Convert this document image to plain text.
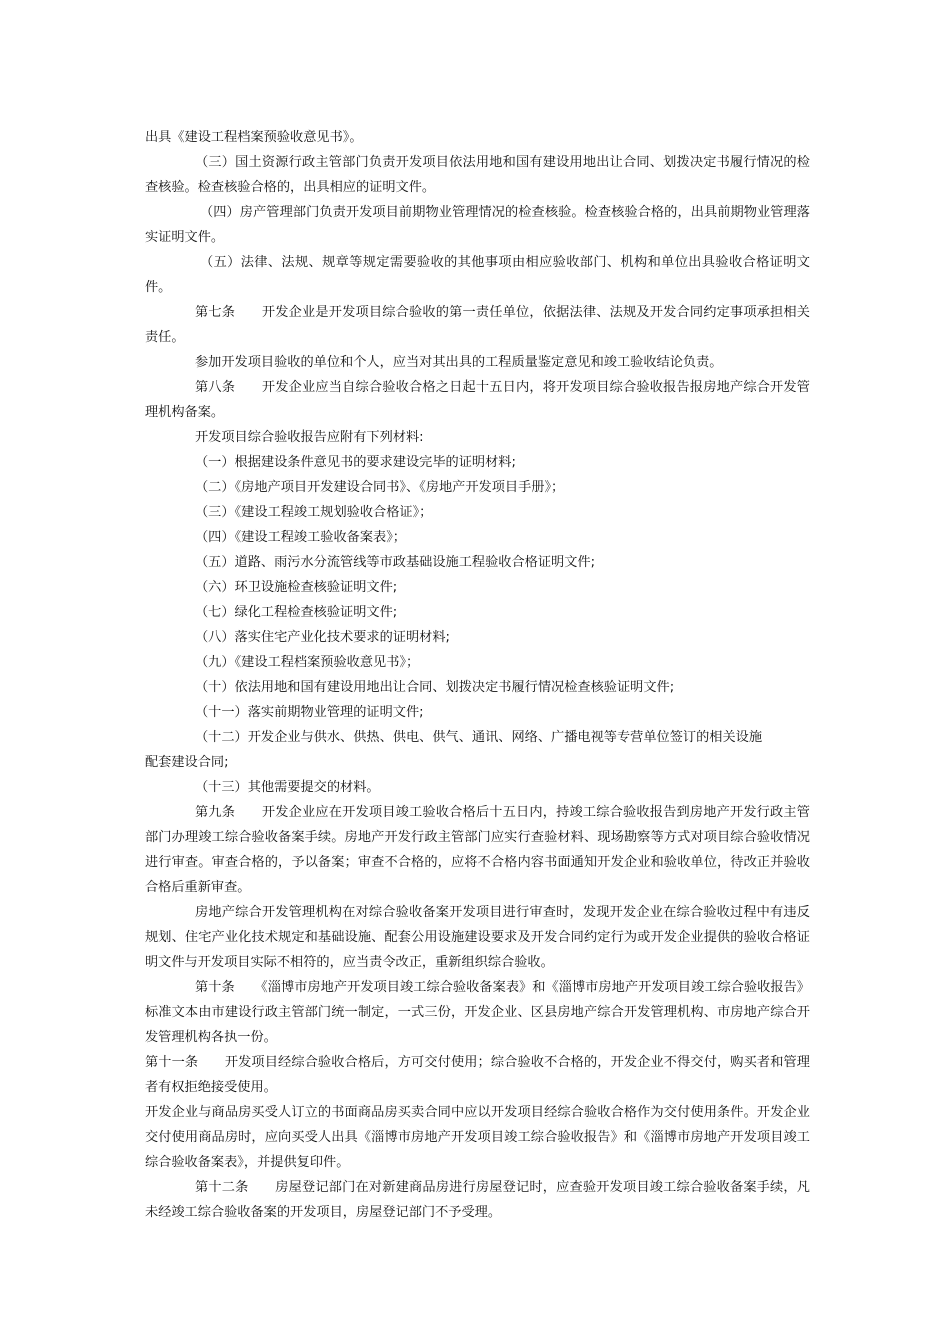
出具《建设工程档案预验收意见书》。

（三）国土资源行政主管部门负责开发项目依法用地和国有建设用地出让合同、划拨决定书履行情况的检查核验。检查核验合格的，出具相应的证明文件。

（四）房产管理部门负责开发项目前期物业管理情况的检查核验。检查核验合格的，出具前期物业管理落实证明文件。

（五）法律、法规、规章等规定需要验收的其他事项由相应验收部门、机构和单位出具验收合格证明文件。

第七条　　开发企业是开发项目综合验收的第一责任单位，依据法律、法规及开发合同约定事项承担相关责任。

参加开发项目验收的单位和个人，应当对其出具的工程质量鉴定意见和竣工验收结论负责。

第八条　　开发企业应当自综合验收合格之日起十五日内，将开发项目综合验收报告报房地产综合开发管理机构备案。

开发项目综合验收报告应附有下列材料:

（一）根据建设条件意见书的要求建设完毕的证明材料;

（二）《房地产项目开发建设合同书》、《房地产开发项目手册》；

（三）《建设工程竣工规划验收合格证》；

（四）《建设工程竣工验收备案表》；

（五）道路、雨污水分流管线等市政基础设施工程验收合格证明文件;

（六）环卫设施检查核验证明文件;

（七）绿化工程检查核验证明文件;

（八）落实住宅产业化技术要求的证明材料;

（九）《建设工程档案预验收意见书》；

（十）依法用地和国有建设用地出让合同、划拨决定书履行情况检查核验证明文件;

（十一）落实前期物业管理的证明文件;

（十二）开发企业与供水、供热、供电、供气、通讯、网络、广播电视等专营单位签订的相关设施
配套建设合同;

（十三）其他需要提交的材料。

第九条　　开发企业应在开发项目竣工验收合格后十五日内，持竣工综合验收报告到房地产开发行政主管部门办理竣工综合验收备案手续。房地产开发行政主管部门应实行查验材料、现场勘察等方式对项目综合验收情况进行审查。审查合格的，予以备案；审查不合格的，应将不合格内容书面通知开发企业和验收单位，待改正并验收合格后重新审查。

房地产综合开发管理机构在对综合验收备案开发项目进行审查时，发现开发企业在综合验收过程中有违反规划、住宅产业化技术规定和基础设施、配套公用设施建设要求及开发合同约定行为或开发企业提供的验收合格证明文件与开发项目实际不相符的，应当责令改正，重新组织综合验收。

第十条　　《淄博市房地产开发项目竣工综合验收备案表》和《淄博市房地产开发项目竣工综合验收报告》标准文本由市建设行政主管部门统一制定，一式三份，开发企业、区县房地产综合开发管理机构、市房地产综合开发管理机构各执一份。

第十一条　　开发项目经综合验收合格后，方可交付使用；综合验收不合格的，开发企业不得交付，购买者和管理者有权拒绝接受使用。

开发企业与商品房买受人订立的书面商品房买卖合同中应以开发项目经综合验收合格作为交付使用条件。开发企业交付使用商品房时，应向买受人出具《淄博市房地产开发项目竣工综合验收报告》和《淄博市房地产开发项目竣工综合验收备案表》，并提供复印件。

第十二条　　房屋登记部门在对新建商品房进行房屋登记时，应查验开发项目竣工综合验收备案手续，凡未经竣工综合验收备案的开发项目，房屋登记部门不予受理。
